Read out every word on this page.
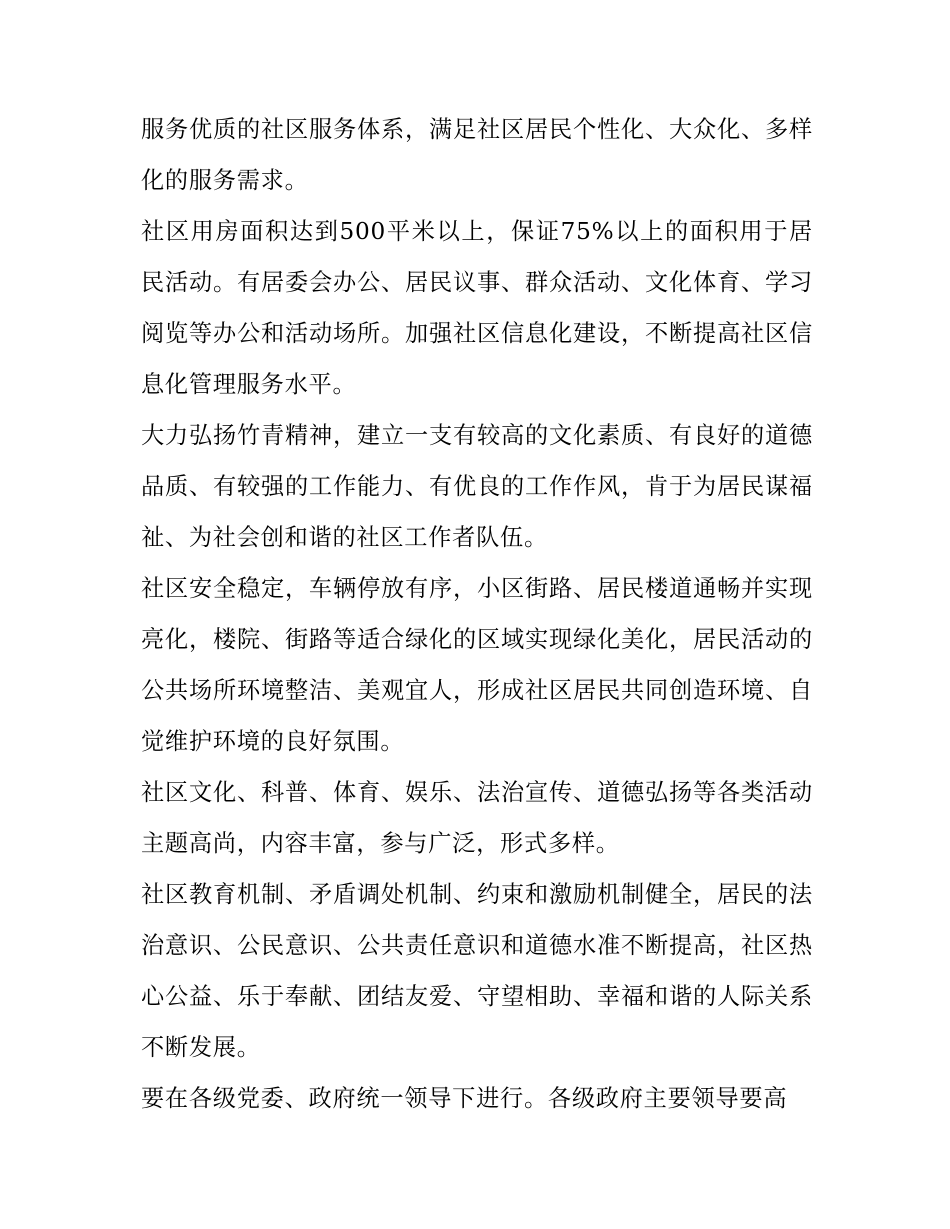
服务优质的社区服务体系，满足社区居民个性化、大众化、多样化的服务需求。

社区用房面积达到500平米以上，保证75%以上的面积用于居民活动。有居委会办公、居民议事、群众活动、文化体育、学习阅览等办公和活动场所。加强社区信息化建设，不断提高社区信息化管理服务水平。

大力弘扬竹青精神，建立一支有较高的文化素质、有良好的道德品质、有较强的工作能力、有优良的工作作风，肯于为居民谋福祉、为社会创和谐的社区工作者队伍。

社区安全稳定，车辆停放有序，小区街路、居民楼道通畅并实现亮化，楼院、街路等适合绿化的区域实现绿化美化，居民活动的公共场所环境整洁、美观宜人，形成社区居民共同创造环境、自觉维护环境的良好氛围。

社区文化、科普、体育、娱乐、法治宣传、道德弘扬等各类活动主题高尚，内容丰富，参与广泛，形式多样。

社区教育机制、矛盾调处机制、约束和激励机制健全，居民的法治意识、公民意识、公共责任意识和道德水准不断提高，社区热心公益、乐于奉献、团结友爱、守望相助、幸福和谐的人际关系不断发展。

要在各级党委、政府统一领导下进行。各级政府主要领导要高
